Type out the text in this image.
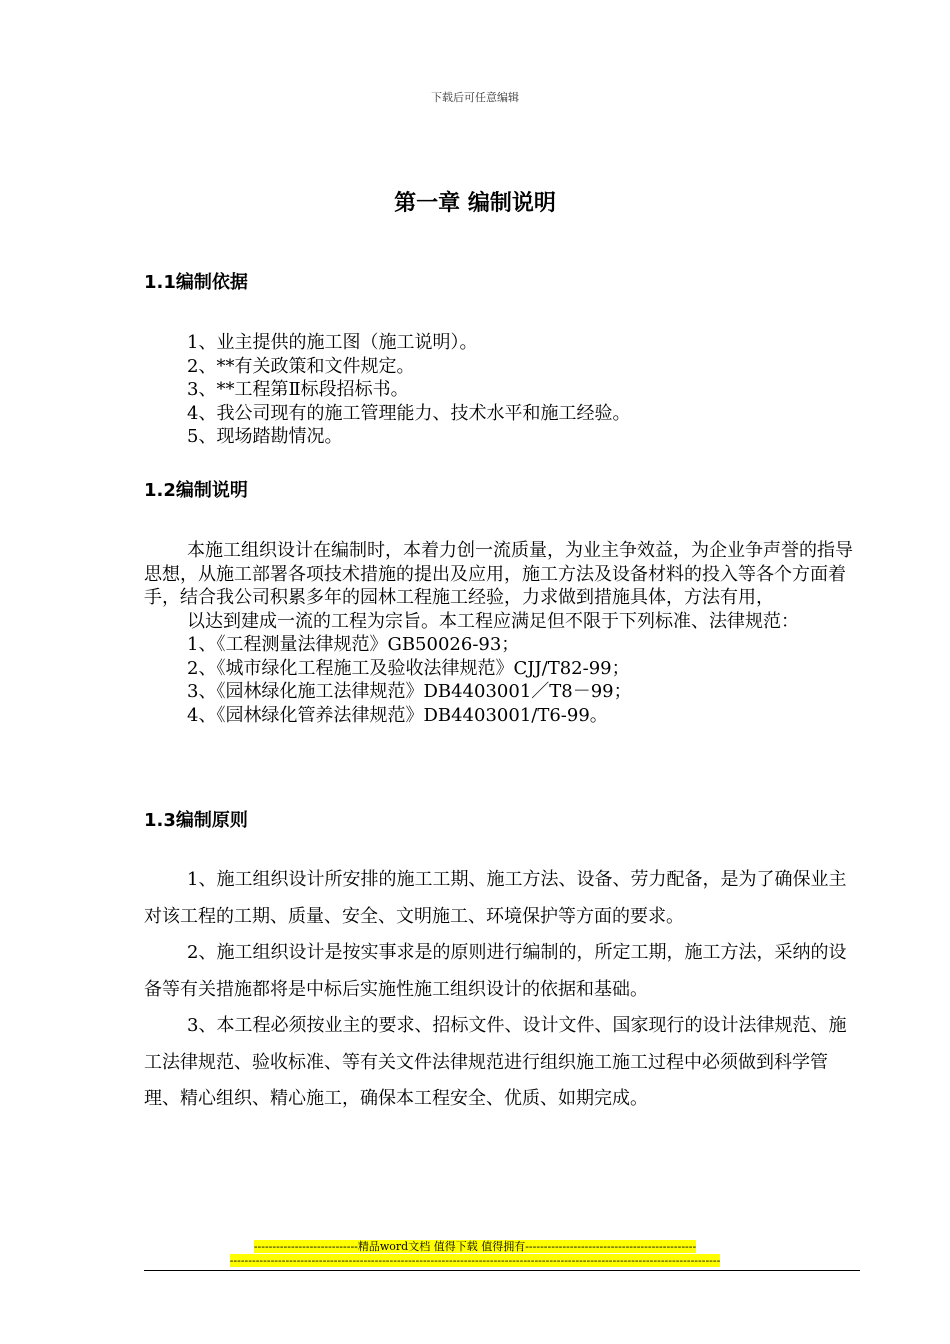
下载后可任意编辑
第一章 编制说明
1.1编制依据
1、业主提供的施工图（施工说明）。
2、**有关政策和文件规定。
3、**工程第Ⅱ标段招标书。
4、我公司现有的施工管理能力、技术水平和施工经验。
5、现场踏勘情况。
1.2编制说明
本施工组织设计在编制时，本着力创一流质量，为业主争效益，为企业争声誉的指导思想，从施工部署各项技术措施的提出及应用，施工方法及设备材料的投入等各个方面着手，结合我公司积累多年的园林工程施工经验，力求做到措施具体，方法有用，
以达到建成一流的工程为宗旨。本工程应满足但不限于下列标准、法律规范：
1、《工程测量法律规范》GB50026-93；
2、《城市绿化工程施工及验收法律规范》CJJ/T82-99；
3、《园林绿化施工法律规范》DB4403001／T8－99；
4、《园林绿化管养法律规范》DB4403001/T6-99。
1.3编制原则
1、施工组织设计所安排的施工工期、施工方法、设备、劳力配备，是为了确保业主对该工程的工期、质量、安全、文明施工、环境保护等方面的要求。
2、施工组织设计是按实事求是的原则进行编制的，所定工期，施工方法，采纳的设备等有关措施都将是中标后实施性施工组织设计的依据和基础。
3、本工程必须按业主的要求、招标文件、设计文件、国家现行的设计法律规范、施工法律规范、验收标准、等有关文件法律规范进行组织施工施工过程中必须做到科学管理、精心组织、精心施工，确保本工程安全、优质、如期完成。
----------------------------精品word文档 值得下载 值得拥有----------------------------------------------
------------------------------------------------------------------------------------------------------------------------------------
